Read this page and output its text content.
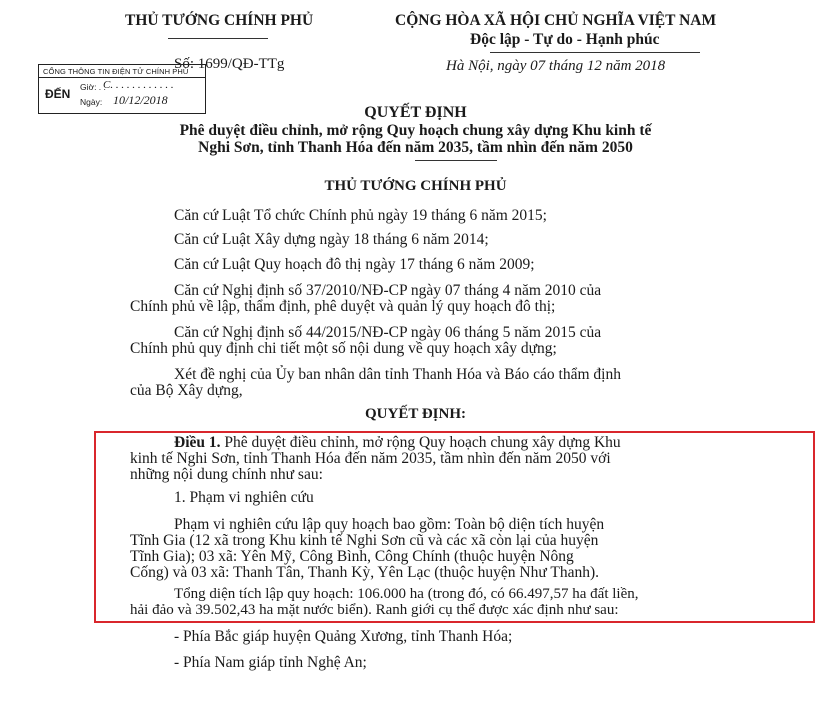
THỦ TƯỚNG CHÍNH PHỦ	CỘNG HÒA XÃ HỘI CHỦ NGHĨA VIỆT NAM
Độc lập - Tự do - Hạnh phúc
Số: 1699/QĐ-TTg	Hà Nội, ngày 07 tháng 12 năm 2018
CỔNG THÔNG TIN ĐIỆN TỬ CHÍNH PHỦ
ĐẾN Giờ: . .
C. . . . . . . . . . . .
Ngày: 10/12/2018
QUYẾT ĐỊNH
Phê duyệt điều chỉnh, mở rộng Quy hoạch chung xây dựng Khu kinh tế
Nghi Sơn, tỉnh Thanh Hóa đến năm 2035, tầm nhìn đến năm 2050
THỦ TƯỚNG CHÍNH PHỦ
Căn cứ Luật Tổ chức Chính phủ ngày 19 tháng 6 năm 2015;
Căn cứ Luật Xây dựng ngày 18 tháng 6 năm 2014;
Căn cứ Luật Quy hoạch đô thị ngày 17 tháng 6 năm 2009;
Căn cứ Nghị định số 37/2010/NĐ-CP ngày 07 tháng 4 năm 2010 của
Chính phủ về lập, thẩm định, phê duyệt và quản lý quy hoạch đô thị;
Căn cứ Nghị định số 44/2015/NĐ-CP ngày 06 tháng 5 năm 2015 của
Chính phủ quy định chi tiết một số nội dung về quy hoạch xây dựng;
Xét đề nghị của Ủy ban nhân dân tỉnh Thanh Hóa và Báo cáo thẩm định
của Bộ Xây dựng,
QUYẾT ĐỊNH:
Điều 1. Phê duyệt điều chỉnh, mở rộng Quy hoạch chung xây dựng Khu
kinh tế Nghi Sơn, tỉnh Thanh Hóa đến năm 2035, tầm nhìn đến năm 2050 với
những nội dung chính như sau:
1. Phạm vi nghiên cứu
Phạm vi nghiên cứu lập quy hoạch bao gồm: Toàn bộ diện tích huyện
Tĩnh Gia (12 xã trong Khu kinh tế Nghi Sơn cũ và các xã còn lại của huyện
Tĩnh Gia); 03 xã: Yên Mỹ, Công Bình, Công Chính (thuộc huyện Nông
Cống) và 03 xã: Thanh Tân, Thanh Kỳ, Yên Lạc (thuộc huyện Như Thanh).
Tổng diện tích lập quy hoạch: 106.000 ha (trong đó, có 66.497,57 ha đất liền,
hải đảo và 39.502,43 ha mặt nước biển). Ranh giới cụ thể được xác định như sau:
- Phía Bắc giáp huyện Quảng Xương, tỉnh Thanh Hóa;
- Phía Nam giáp tỉnh Nghệ An;
